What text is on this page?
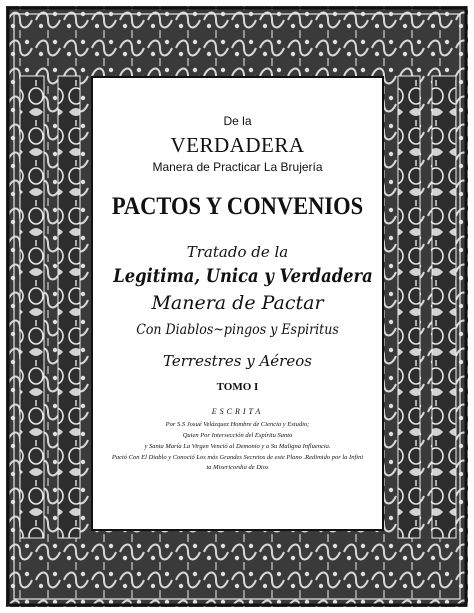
De la

VERDADERA

Manera de Practicar La Brujería

PACTOS Y CONVENIOS

Tratado de la

Legitima, Unica y Verdadera

Manera de Pactar

Con Diablos~pingos y Espiritus

Terrestres y Aéreos

TOMO I

ESCRITA

Por S.S Josué Velázquez Hombre de Ciencia y Estudio;

Quien Por Intersección del Espíritu Santo

y Santa María La Virgen Venció al Demonio y a Su Maligna Influencia.

Pactó Con El Diablo y Conoció Los más Grandes Secretos de este Plano .Redimido por la Infini

ta Misericordia de Dios
